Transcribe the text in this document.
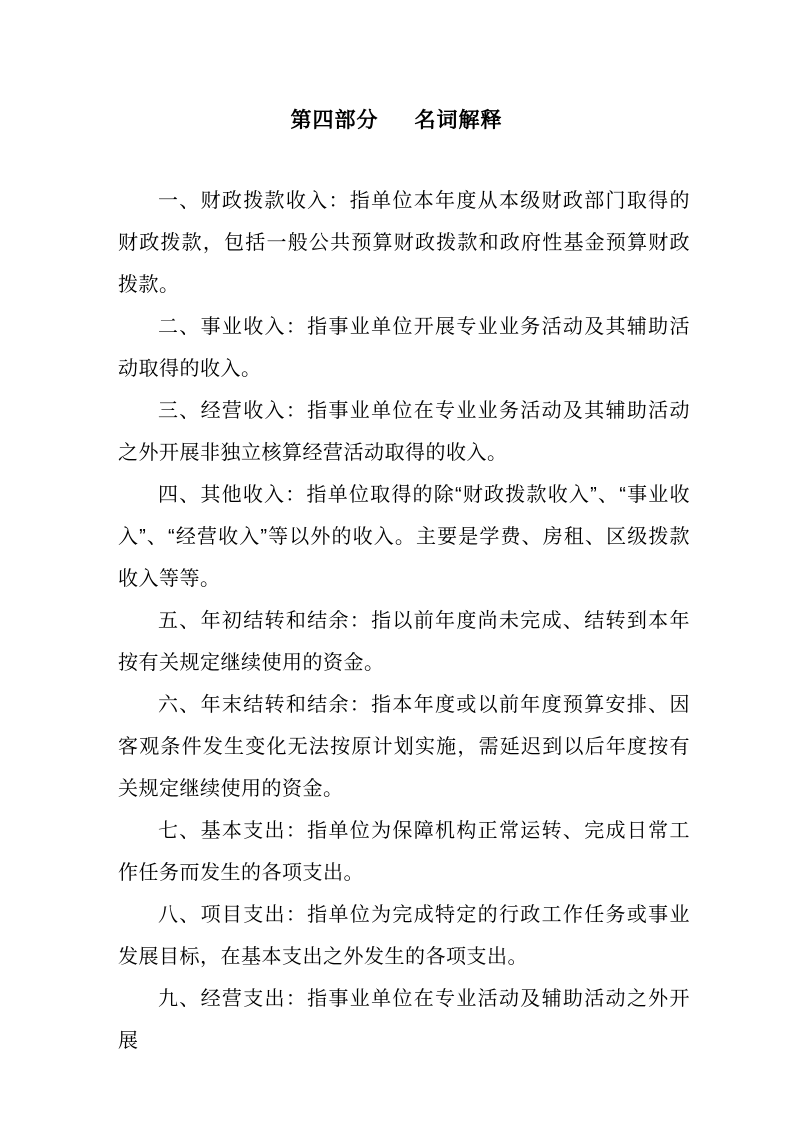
第四部分 名词解释

一、财政拨款收入：指单位本年度从本级财政部门取得的财政拨款，包括一般公共预算财政拨款和政府性基金预算财政拨款。

二、事业收入：指事业单位开展专业业务活动及其辅助活动取得的收入。

三、经营收入：指事业单位在专业业务活动及其辅助活动之外开展非独立核算经营活动取得的收入。

四、其他收入：指单位取得的除“财政拨款收入”、“事业收入”、“经营收入”等以外的收入。主要是学费、房租、区级拨款收入等等。

五、年初结转和结余：指以前年度尚未完成、结转到本年按有关规定继续使用的资金。

六、年末结转和结余：指本年度或以前年度预算安排、因客观条件发生变化无法按原计划实施，需延迟到以后年度按有关规定继续使用的资金。

七、基本支出：指单位为保障机构正常运转、完成日常工作任务而发生的各项支出。

八、项目支出：指单位为完成特定的行政工作任务或事业发展目标，在基本支出之外发生的各项支出。

九、经营支出：指事业单位在专业活动及辅助活动之外开展
